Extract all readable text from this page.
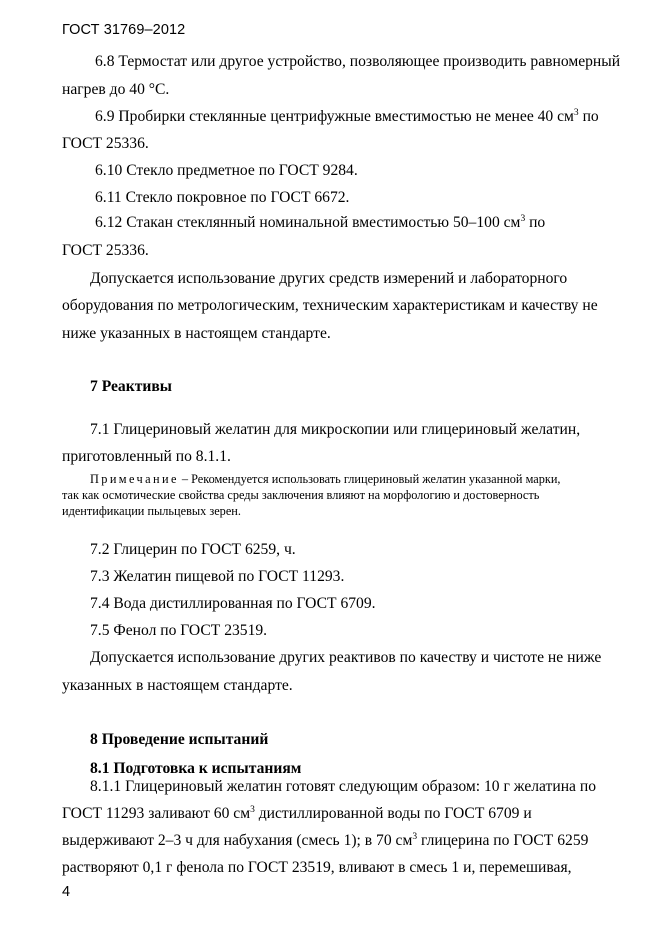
ГОСТ 31769–2012
6.8 Термостат или другое устройство, позволяющее производить равномерный
нагрев до 40 °С.
6.9 Пробирки стеклянные центрифужные вместимостью не менее 40 $см^3$ по
ГОСТ 25336.
6.10 Стекло предметное по ГОСТ 9284.
6.11 Стекло покровное по ГОСТ 6672.
6.12 Стакан стеклянный номинальной вместимостью 50–100 $см^3$ по
ГОСТ 25336.
Допускается использование других средств измерений и лабораторного
оборудования по метрологическим, техническим характеристикам и качеству не
ниже указанных в настоящем стандарте.
7 Реактивы
7.1 Глицериновый желатин для микроскопии или глицериновый желатин,
приготовленный по 8.1.1.
Примечание – Рекомендуется использовать глицериновый желатин указанной марки,
так как осмотические свойства среды заключения влияют на морфологию и достоверность
идентификации пыльцевых зерен.
7.2 Глицерин по ГОСТ 6259, ч.
7.3 Желатин пищевой по ГОСТ 11293.
7.4 Вода дистиллированная по ГОСТ 6709.
7.5 Фенол по ГОСТ 23519.
Допускается использование других реактивов по качеству и чистоте не ниже
указанных в настоящем стандарте.
8 Проведение испытаний
8.1 Подготовка к испытаниям
8.1.1 Глицериновый желатин готовят следующим образом: 10 г желатина по
ГОСТ 11293 заливают 60 $см^3$ дистиллированной воды по ГОСТ 6709 и
выдерживают 2–3 ч для набухания (смесь 1); в 70 $см^3$ глицерина по ГОСТ 6259
растворяют 0,1 г фенола по ГОСТ 23519, вливают в смесь 1 и, перемешивая,
4
